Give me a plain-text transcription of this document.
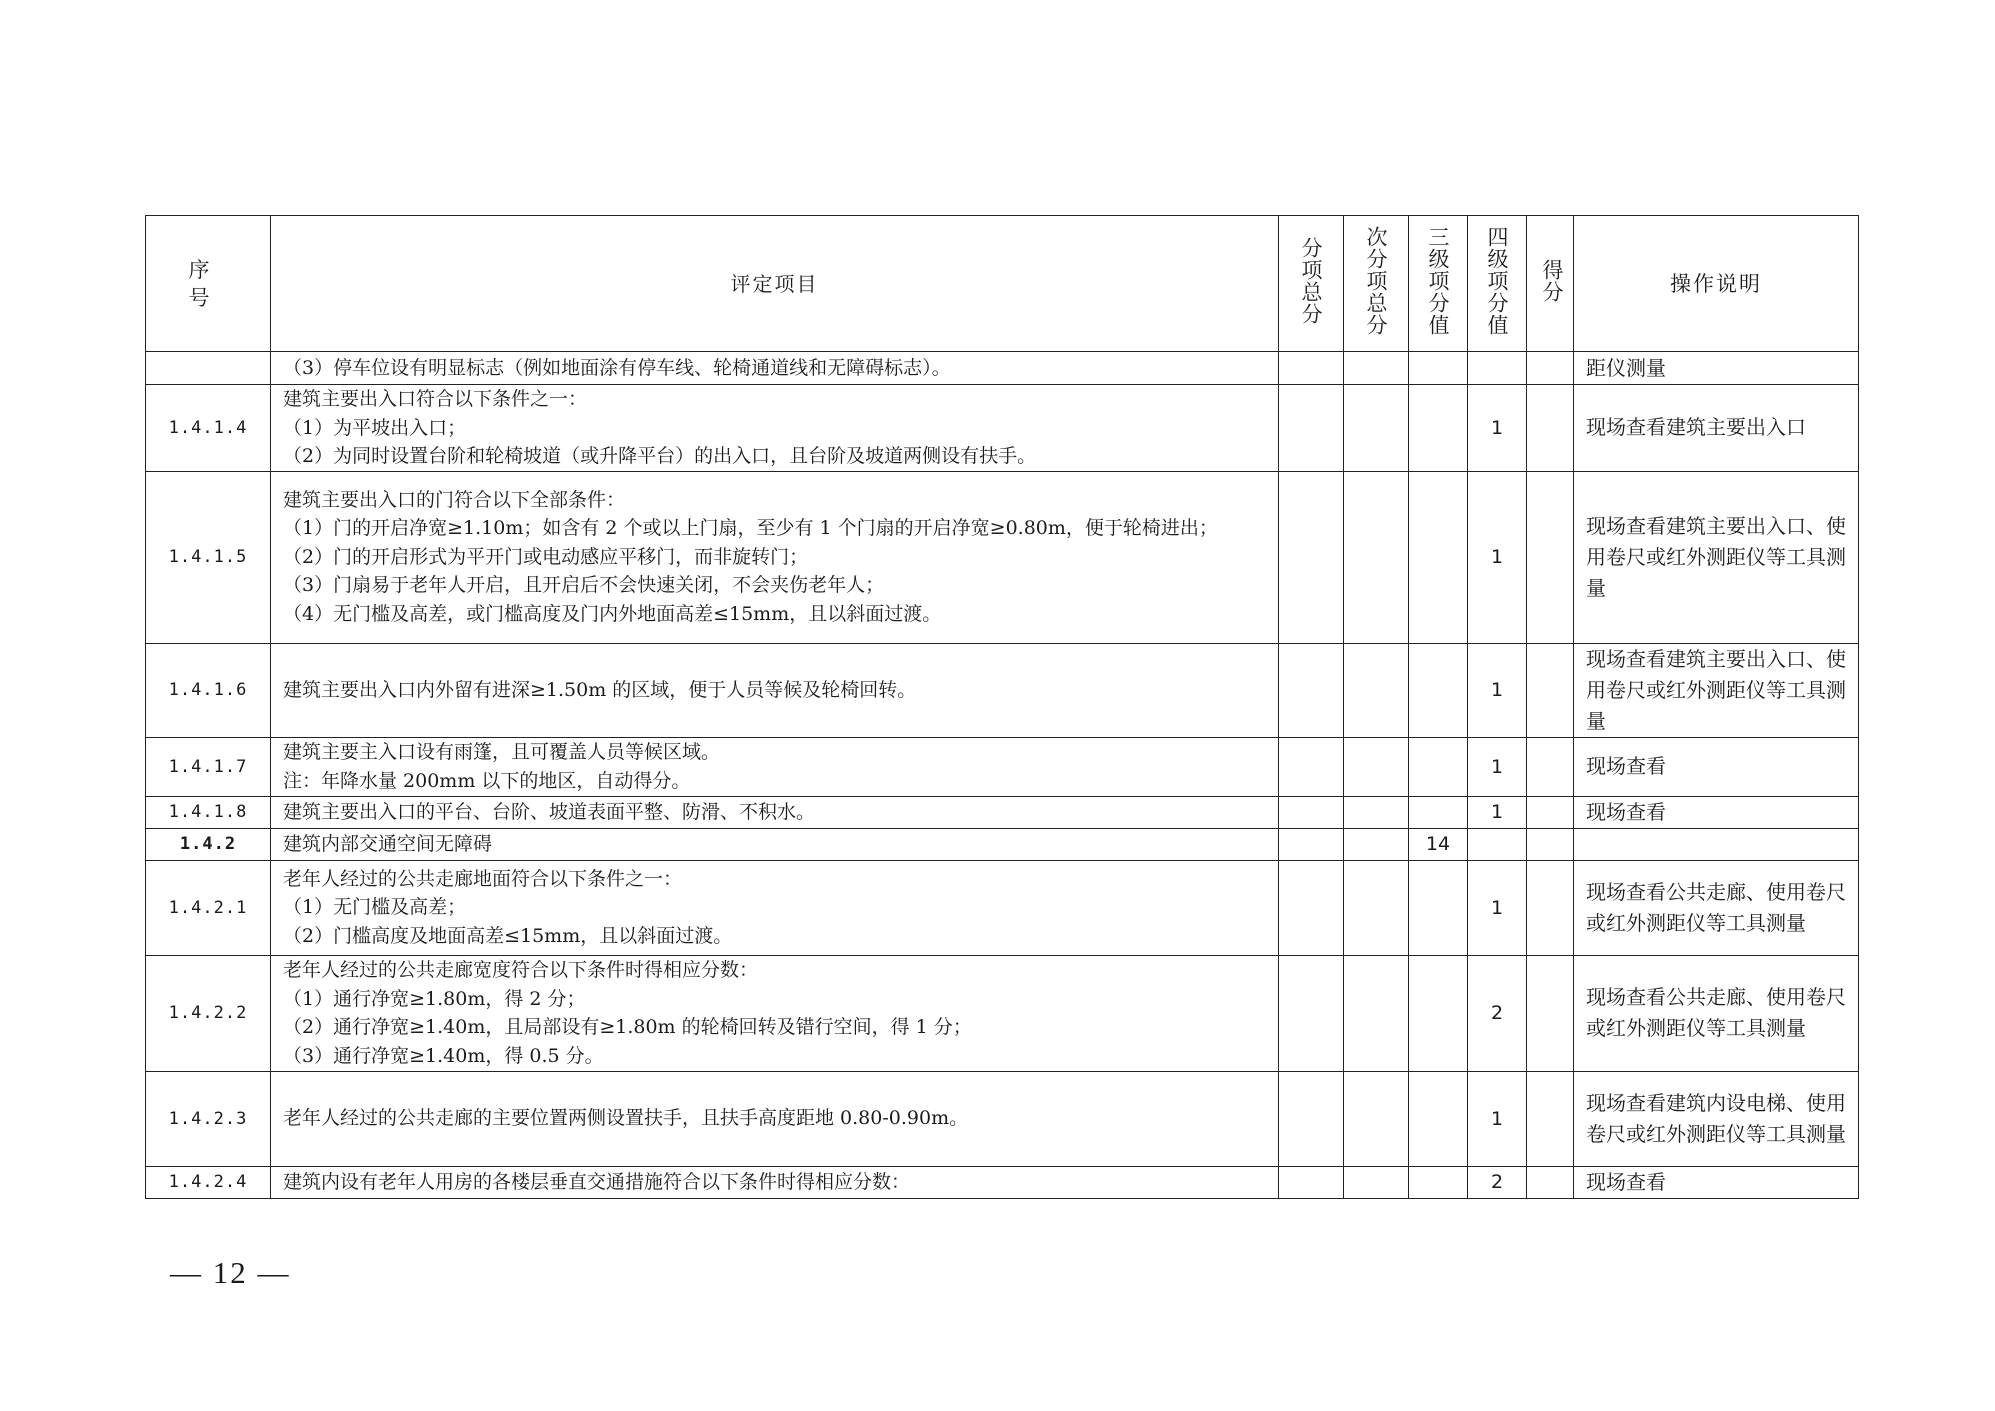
序 号	评定项目	分项总分	次分项总分	三级项分值	四级项分值	得分	操作说明

	（3）停车位设有明显标志（例如地面涂有停车线、轮椅通道线和无障碍标志）。						距仪测量
1.4.1.4	建筑主要出入口符合以下条件之一：
（1）为平坡出入口；
（2）为同时设置台阶和轮椅坡道（或升降平台）的出入口，且台阶及坡道两侧设有扶手。				1		现场查看建筑主要出入口
1.4.1.5	建筑主要出入口的门符合以下全部条件：
（1）门的开启净宽≥1.10m；如含有 2 个或以上门扇，至少有 1 个门扇的开启净宽≥0.80m，便于轮椅进出；
（2）门的开启形式为平开门或电动感应平移门，而非旋转门；
（3）门扇易于老年人开启，且开启后不会快速关闭，不会夹伤老年人；
（4）无门槛及高差，或门槛高度及门内外地面高差≤15mm，且以斜面过渡。				1		现场查看建筑主要出入口、使用卷尺或红外测距仪等工具测量
1.4.1.6	建筑主要出入口内外留有进深≥1.50m 的区域，便于人员等候及轮椅回转。				1		现场查看建筑主要出入口、使用卷尺或红外测距仪等工具测量
1.4.1.7	建筑主要主入口设有雨篷，且可覆盖人员等候区域。
注：年降水量 200mm 以下的地区，自动得分。				1		现场查看
1.4.1.8	建筑主要出入口的平台、台阶、坡道表面平整、防滑、不积水。				1		现场查看
1.4.2	建筑内部交通空间无障碍			14			
1.4.2.1	老年人经过的公共走廊地面符合以下条件之一：
（1）无门槛及高差；
（2）门槛高度及地面高差≤15mm，且以斜面过渡。				1		现场查看公共走廊、使用卷尺或红外测距仪等工具测量
1.4.2.2	老年人经过的公共走廊宽度符合以下条件时得相应分数：
（1）通行净宽≥1.80m，得 2 分；
（2）通行净宽≥1.40m，且局部设有≥1.80m 的轮椅回转及错行空间，得 1 分；
（3）通行净宽≥1.40m，得 0.5 分。				2		现场查看公共走廊、使用卷尺或红外测距仪等工具测量
1.4.2.3	老年人经过的公共走廊的主要位置两侧设置扶手，且扶手高度距地 0.80-0.90m。				1		现场查看建筑内设电梯、使用卷尺或红外测距仪等工具测量
1.4.2.4	建筑内设有老年人用房的各楼层垂直交通措施符合以下条件时得相应分数：				2		现场查看
— 12 —
